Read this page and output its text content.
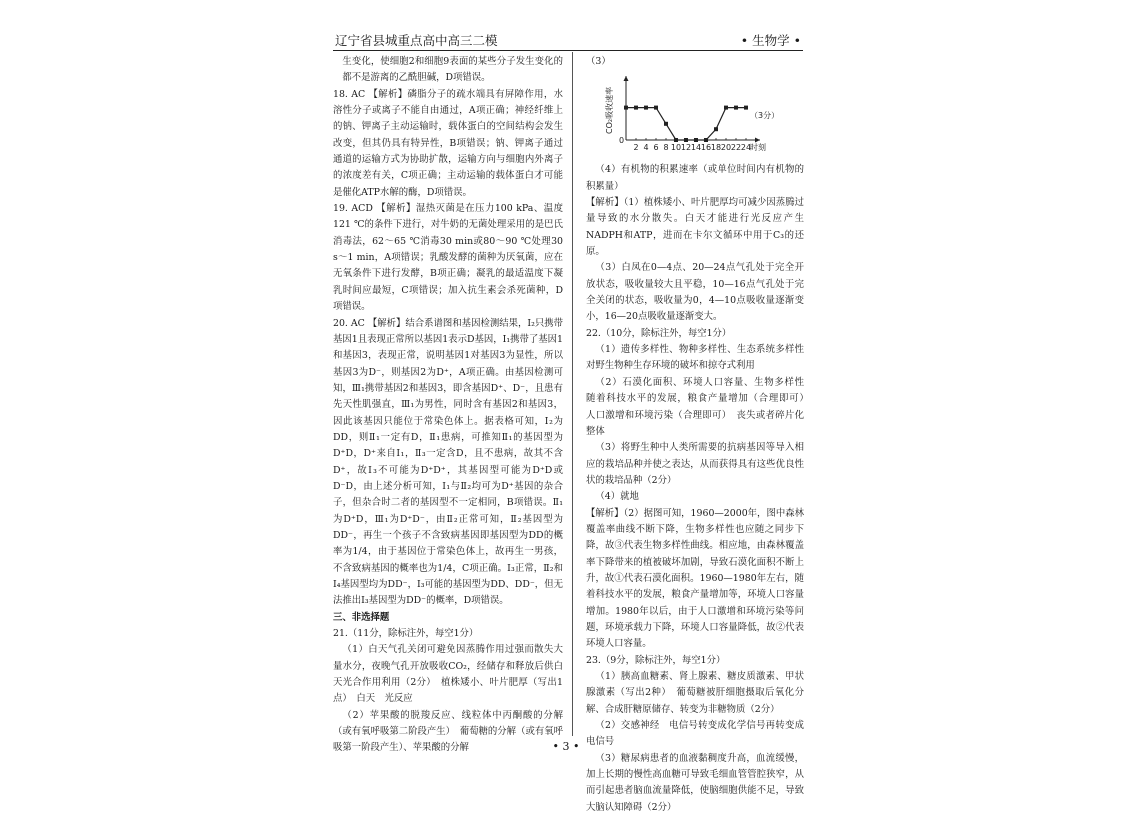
辽宁省县城重点高中高三二模	• 生物学 •

生变化，使细胞2和细胞9表面的某些分子发生变化的都不是游离的乙酰胆碱，D项错误。

18. AC 【解析】磷脂分子的疏水端具有屏障作用，水溶性分子或离子不能自由通过，A项正确；神经纤维上的钠、钾离子主动运输时，载体蛋白的空间结构会发生改变，但其仍具有特异性，B项错误；钠、钾离子通过通道的运输方式为协助扩散，运输方向与细胞内外离子的浓度差有关，C项正确；主动运输的载体蛋白才可能是催化ATP水解的酶，D项错误。

19. ACD 【解析】湿热灭菌是在压力100 kPa、温度121 ℃的条件下进行，对牛奶的无菌处理采用的是巴氏消毒法，62～65 ℃消毒30 min或80～90 ℃处理30 s～1 min，A项错误；乳酸发酵的菌种为厌氧菌，应在无氧条件下进行发酵，B项正确；凝乳的最适温度下凝乳时间应最短，C项错误；加入抗生素会杀死菌种，D项错误。

20. AC 【解析】结合系谱图和基因检测结果，Ⅰ₂只携带基因1且表现正常所以基因1表示D基因，Ⅰ₁携带了基因1和基因3，表现正常，说明基因1对基因3为显性，所以基因3为D⁻，则基因2为D⁺，A项正确。由基因检测可知，Ⅲ₁携带基因2和基因3，即含基因D⁺、D⁻，且患有先天性肌强直，Ⅲ₁为男性，同时含有基因2和基因3，因此该基因只能位于常染色体上。据表格可知，Ⅰ₂为DD，则Ⅱ₁一定有D，Ⅱ₁患病，可推知Ⅱ₁的基因型为D⁺D，D⁺来自Ⅰ₁，Ⅱ₃一定含D，且不患病，故其不含D⁺，故Ⅰ₃不可能为D⁺D⁺，其基因型可能为D⁺D或D⁻D，由上述分析可知，Ⅰ₁与Ⅱ₂均可为D⁺基因的杂合子，但杂合时二者的基因型不一定相同，B项错误。Ⅱ₁为D⁺D，Ⅲ₁为D⁺D⁻，由Ⅱ₂正常可知，Ⅱ₂基因型为DD⁻，再生一个孩子不含致病基因即基因型为DD的概率为1/4，由于基因位于常染色体上，故再生一男孩，不含致病基因的概率也为1/4，C项正确。Ⅰ₃正常，Ⅱ₂和Ⅰ₄基因型均为DD⁻，Ⅰ₃可能的基因型为DD、DD⁻，但无法推出Ⅰ₃基因型为DD⁻的概率，D项错误。

三、非选择题

21.（11分，除标注外，每空1分）

（1）白天气孔关闭可避免因蒸腾作用过强而散失大量水分，夜晚气孔开放吸收CO₂，经储存和释放后供白天光合作用利用（2分）　植株矮小、叶片肥厚（写出1点）　白天　光反应

（2）苹果酸的脱羧反应、线粒体中丙酮酸的分解（或有氧呼吸第二阶段产生）　葡萄糖的分解（或有氧呼吸第一阶段产生）、苹果酸的分解

（3）

0
CO₂吸收速率
2 4 6 8 10 12 14 16 18 20 22 24
时刻
（3分）

（4）有机物的积累速率（或单位时间内有机物的积累量）

【解析】（1）植株矮小、叶片肥厚均可减少因蒸腾过量导致的水分散失。白天才能进行光反应产生NADPH和ATP，进而在卡尔文循环中用于C₃的还原。

（3）白凤在0—4点、20—24点气孔处于完全开放状态，吸收量较大且平稳，10—16点气孔处于完全关闭的状态，吸收量为0，4—10点吸收量逐渐变小，16—20点吸收量逐渐变大。

22.（10分，除标注外，每空1分）

（1）遗传多样性、物种多样性、生态系统多样性　对野生物种生存环境的破坏和掠夺式利用

（2）石漠化面积、环境人口容量、生物多样性　随着科技水平的发展，粮食产量增加（合理即可）　人口激增和环境污染（合理即可）　丧失或者碎片化　整体

（3）将野生种中人类所需要的抗病基因等导入相应的栽培品种并使之表达，从而获得具有这些优良性状的栽培品种（2分）

（4）就地

【解析】（2）据图可知，1960—2000年，图中森林覆盖率曲线不断下降，生物多样性也应随之同步下降，故③代表生物多样性曲线。相应地，由森林覆盖率下降带来的植被破坏加剧，导致石漠化面积不断上升，故①代表石漠化面积。1960—1980年左右，随着科技水平的发展，粮食产量增加等，环境人口容量增加。1980年以后，由于人口激增和环境污染等问题，环境承载力下降，环境人口容量降低，故②代表环境人口容量。

23.（9分，除标注外，每空1分）

（1）胰高血糖素、肾上腺素、糖皮质激素、甲状腺激素（写出2种）　葡萄糖被肝细胞摄取后氧化分解、合成肝糖原储存、转变为非糖物质（2分）

（2）交感神经　电信号转变成化学信号再转变成电信号

（3）糖尿病患者的血液黏稠度升高，血流缓慢，加上长期的慢性高血糖可导致毛细血管管腔狭窄，从而引起患者脑血流量降低，使脑细胞供能不足，导致大脑认知障碍（2分）

• 3 •
